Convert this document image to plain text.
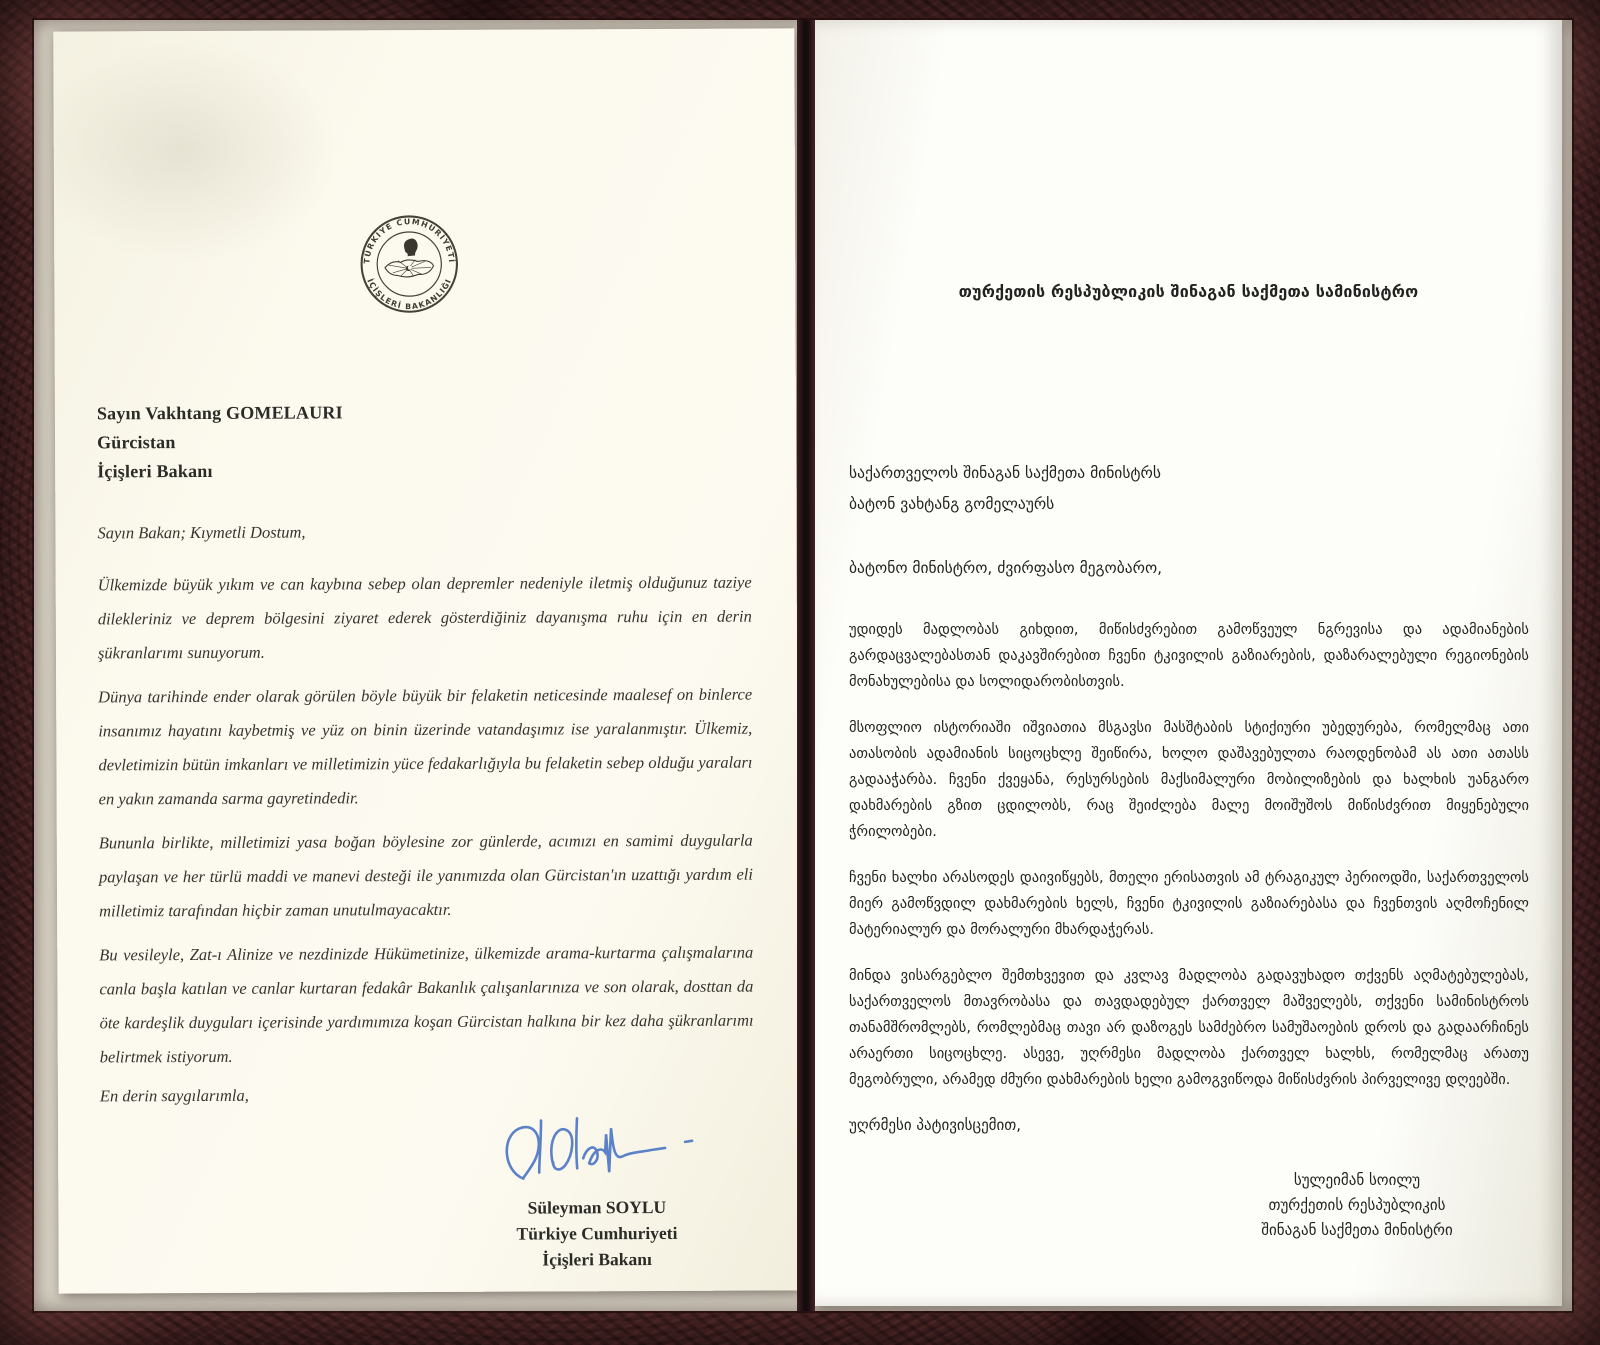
TÜRKİYE CUMHURİYETİ
İÇİŞLERİ BAKANLIĞI
Sayın Vakhtang GOMELAURI
Gürcistan
İçişleri Bakanı
Sayın Bakan; Kıymetli Dostum,

Ülkemizde büyük yıkım ve can kaybına sebep olan depremler nedeniyle iletmiş olduğunuz taziye dilekleriniz ve deprem bölgesini ziyaret ederek gösterdiğiniz dayanışma ruhu için en derin şükranlarımı sunuyorum.

Dünya tarihinde ender olarak görülen böyle büyük bir felaketin neticesinde maalesef on binlerce insanımız hayatını kaybetmiş ve yüz on binin üzerinde vatandaşımız ise yaralanmıştır. Ülkemiz, devletimizin bütün imkanları ve milletimizin yüce fedakarlığıyla bu felaketin sebep olduğu yaraları en yakın zamanda sarma gayretindedir.

Bununla birlikte, milletimizi yasa boğan böylesine zor günlerde, acımızı en samimi duygularla paylaşan ve her türlü maddi ve manevi desteği ile yanımızda olan Gürcistan'ın uzattığı yardım eli milletimiz tarafından hiçbir zaman unutulmayacaktır.

Bu vesileyle, Zat-ı Alinize ve nezdinizde Hükümetinize, ülkemizde arama-kurtarma çalışmalarına canla başla katılan ve canlar kurtaran fedakâr Bakanlık çalışanlarınıza ve son olarak, dosttan da öte kardeşlik duyguları içerisinde yardımımıza koşan Gürcistan halkına bir kez daha şükranlarımı belirtmek istiyorum.

En derin saygılarımla,
Süleyman SOYLU
Türkiye Cumhuriyeti
İçişleri Bakanı
თურქეთის რესპუბლიკის შინაგან საქმეთა სამინისტრო
საქართველოს შინაგან საქმეთა მინისტრს
ბატონ ვახტანგ გომელაურს
ბატონო მინისტრო, ძვირფასო მეგობარო,

უდიდეს მადლობას გიხდით, მიწისძვრებით გამოწვეულ ნგრევისა და ადამიანების გარდაცვალებასთან დაკავშირებით ჩვენი ტკივილის გაზიარების, დაზარალებული რეგიონების მონახულებისა და სოლიდარობისთვის.

მსოფლიო ისტორიაში იშვიათია მსგავსი მასშტაბის სტიქიური უბედურება, რომელმაც ათი ათასობის ადამიანის სიცოცხლე შეიწირა, ხოლო დაშავებულთა რაოდენობამ ას ათი ათასს გადააჭარბა. ჩვენი ქვეყანა, რესურსების მაქსიმალური მობილიზების და ხალხის უანგარო დახმარების გზით ცდილობს, რაც შეიძლება მალე მოიშუშოს მიწისძვრით მიყენებული ჭრილობები.

ჩვენი ხალხი არასოდეს დაივიწყებს, მთელი ერისათვის ამ ტრაგიკულ პერიოდში, საქართველოს მიერ გამოწვდილ დახმარების ხელს, ჩვენი ტკივილის გაზიარებასა და ჩვენთვის აღმოჩენილ მატერიალურ და მორალური მხარდაჭერას.

მინდა ვისარგებლო შემთხვევით და კვლავ მადლობა გადავუხადო თქვენს აღმატებულებას, საქართველოს მთავრობასა და თავდადებულ ქართველ მაშველებს, თქვენი სამინისტროს თანამშრომლებს, რომლებმაც თავი არ დაზოგეს სამძებრო სამუშაოების დროს და გადაარჩინეს არაერთი სიცოცხლე. ასევე, უღრმესი მადლობა ქართველ ხალხს, რომელმაც არათუ მეგობრული, არამედ ძმური დახმარების ხელი გამოგვიწოდა მიწისძვრის პირველივე დღეებში.

უღრმესი პატივისცემით,
სულეიმან სოილუ
თურქეთის რესპუბლიკის
შინაგან საქმეთა მინისტრი
